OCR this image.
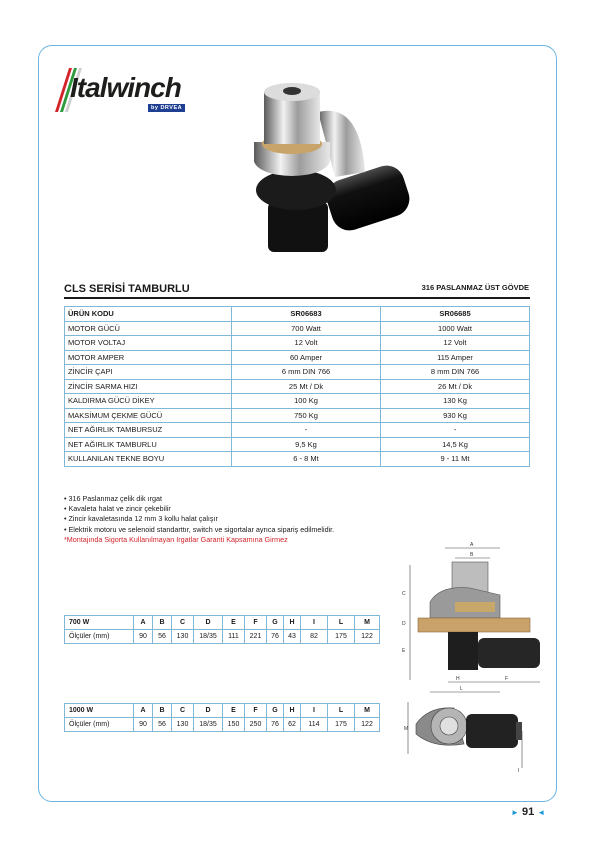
Italwinch
by DRVEA
CLS SERİSİ TAMBURLU	316 PASLANMAZ ÜST GÖVDE
ÜRÜN KODU	SR06683	SR06685
MOTOR GÜCÜ	700 Watt	1000 Watt
MOTOR VOLTAJ	12 Volt	12 Volt
MOTOR AMPER	60 Amper	115 Amper
ZİNCİR ÇAPI	6 mm DIN 766	8 mm DIN 766
ZİNCİR SARMA HIZI	25 Mt / Dk	26 Mt / Dk
KALDIRMA GÜCÜ DİKEY	100 Kg	130 Kg
MAKSİMUM ÇEKME GÜCÜ	750 Kg	930 Kg
NET AĞIRLIK TAMBURSUZ	-	-
NET AĞIRLIK TAMBURLU	9,5 Kg	14,5 Kg
KULLANILAN TEKNE BOYU	6 - 8 Mt	9 - 11 Mt
• 316 Paslanmaz çelik dik ırgat
• Kavaleta halat ve zincir çekebilir
• Zincir kavaletasında 12 mm 3 kollu halat çalışır
• Elektrik motoru ve selenoid standarttır, switch ve sigortalar ayrıca sipariş edilmelidir.
*Montajında Sigorta Kullanılmayan Irgatlar Garanti Kapsamına Girmez
700 W	A	B	C	D	E	F	G	H	I	L	M
Ölçüler (mm)	90	56	130	18/35	111	221	76	43	82	175	122
1000 W	A	B	C	D	E	F	G	H	I	L	M
Ölçüler (mm)	90	56	130	18/35	150	250	76	62	114	175	122
A
B
C
D
E
H	F
L
M
I
► 91 ◄
